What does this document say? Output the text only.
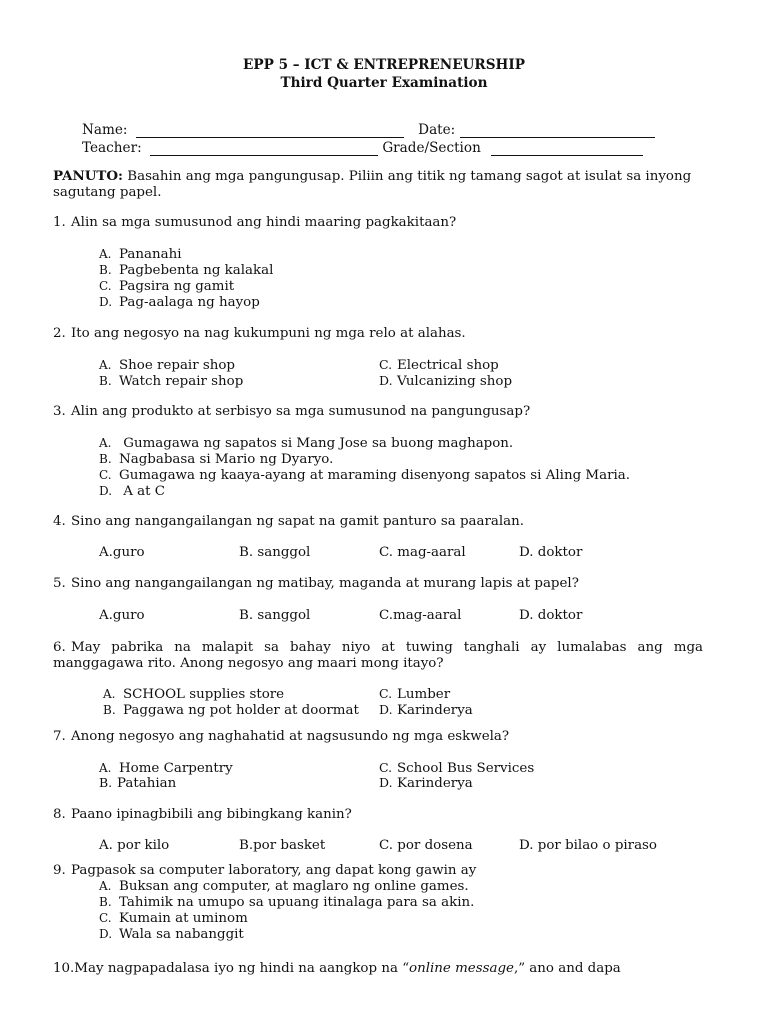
EPP 5 – ICT & ENTREPRENEURSHIP
Third Quarter Examination
Name:	Date:
Teacher:	Grade/Section
PANUTO: Basahin ang mga pangungusap. Piliin ang titik ng tamang sagot at isulat sa inyong sagutang papel.
1. Alin sa mga sumusunod ang hindi maaring pagkakitaan?
A. Pananahi
B. Pagbebenta ng kalakal
C. Pagsira ng gamit
D. Pag-aalaga ng hayop
2. Ito ang negosyo na nag kukumpuni ng mga relo at alahas.
A. Shoe repair shop
B. Watch repair shop
C. Electrical shop
D. Vulcanizing shop
3. Alin ang produkto at serbisyo sa mga sumusunod na pangungusap?
A. Gumagawa ng sapatos si Mang Jose sa buong maghapon.
B. Nagbabasa si Mario ng Dyaryo.
C. Gumagawa ng kaaya-ayang at maraming disenyong sapatos si Aling Maria.
D. A at C
4. Sino ang nangangailangan ng sapat na gamit panturo sa paaralan.
A.guro	B. sanggol	C. mag-aaral	D. doktor
5. Sino ang nangangailangan ng matibay, maganda at murang lapis at papel?
A.guro	B. sanggol	C.mag-aaral	D. doktor
6. May pabrika na malapit sa bahay niyo at tuwing tanghali ay lumalabas ang mga manggagawa rito. Anong negosyo ang maari mong itayo?
A. SCHOOL supplies store
B. Paggawa ng pot holder at doormat
C. Lumber
D. Karinderya
7. Anong negosyo ang naghahatid at nagsusundo ng mga eskwela?
A. Home Carpentry
B. Patahian
C. School Bus Services
D. Karinderya
8. Paano ipinagbibili ang bibingkang kanin?
A. por kilo	B.por basket	C. por dosena	D. por bilao o piraso
9. Pagpasok sa computer laboratory, ang dapat kong gawin ay
A. Buksan ang computer, at maglaro ng online games.
B. Tahimik na umupo sa upuang itinalaga para sa akin.
C. Kumain at uminom
D. Wala sa nabanggit
10.May nagpapadalasa iyo ng hindi na aangkop na “online message,” ano and dapa
